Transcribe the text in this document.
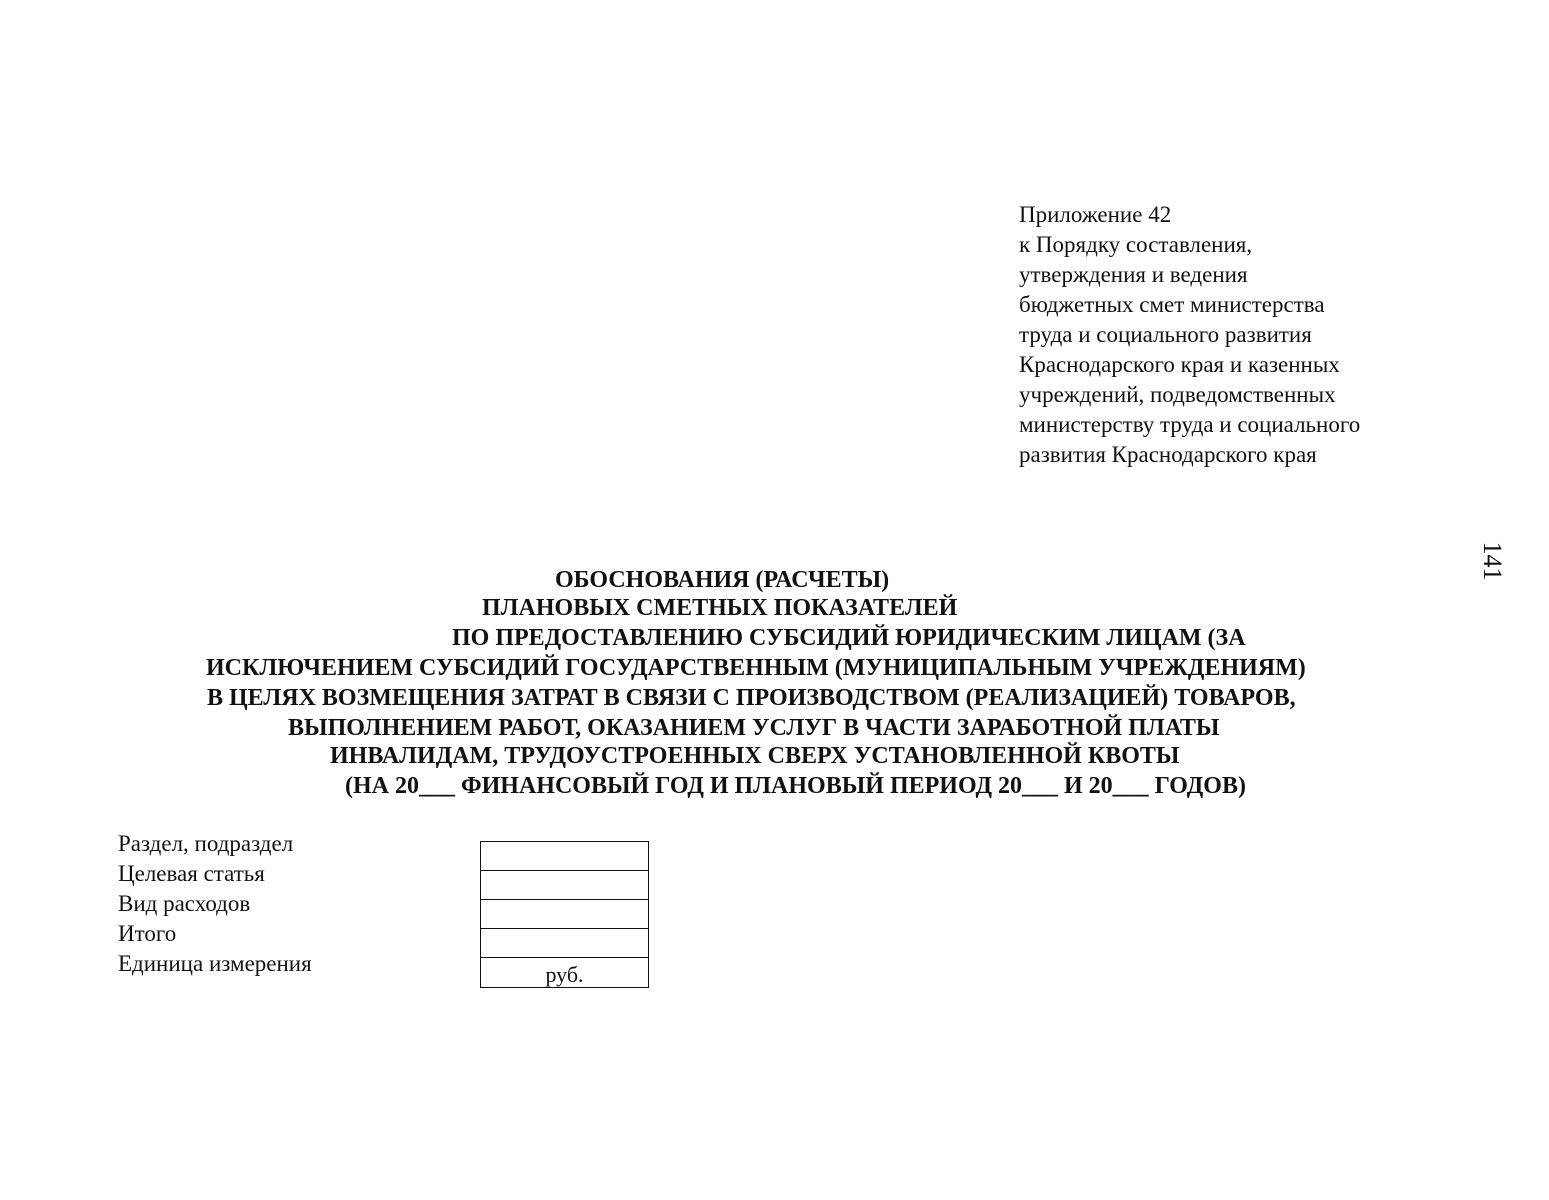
Приложение 42
к Порядку составления,
утверждения и ведения
бюджетных смет министерства
труда и социального развития
Краснодарского края и казенных
учреждений, подведомственных
министерству труда и социального
развития Краснодарского края
141
ОБОСНОВАНИЯ (РАСЧЕТЫ)
ПЛАНОВЫХ СМЕТНЫХ ПОКАЗАТЕЛЕЙ
ПО ПРЕДОСТАВЛЕНИЮ СУБСИДИЙ ЮРИДИЧЕСКИМ ЛИЦАМ (ЗА
ИСКЛЮЧЕНИЕМ СУБСИДИЙ ГОСУДАРСТВЕННЫМ (МУНИЦИПАЛЬНЫМ УЧРЕЖДЕНИЯМ)
В ЦЕЛЯХ ВОЗМЕЩЕНИЯ ЗАТРАТ В СВЯЗИ С ПРОИЗВОДСТВОМ (РЕАЛИЗАЦИЕЙ) ТОВАРОВ,
ВЫПОЛНЕНИЕМ РАБОТ, ОКАЗАНИЕМ УСЛУГ В ЧАСТИ ЗАРАБОТНОЙ ПЛАТЫ
ИНВАЛИДАМ, ТРУДОУСТРОЕННЫХ СВЕРХ УСТАНОВЛЕННОЙ КВОТЫ
(НА 20___ ФИНАНСОВЫЙ ГОД И ПЛАНОВЫЙ ПЕРИОД 20___ И 20___ ГОДОВ)
Раздел, подраздел
Целевая статья
Вид расходов
Итого
Единица измерения	руб.
